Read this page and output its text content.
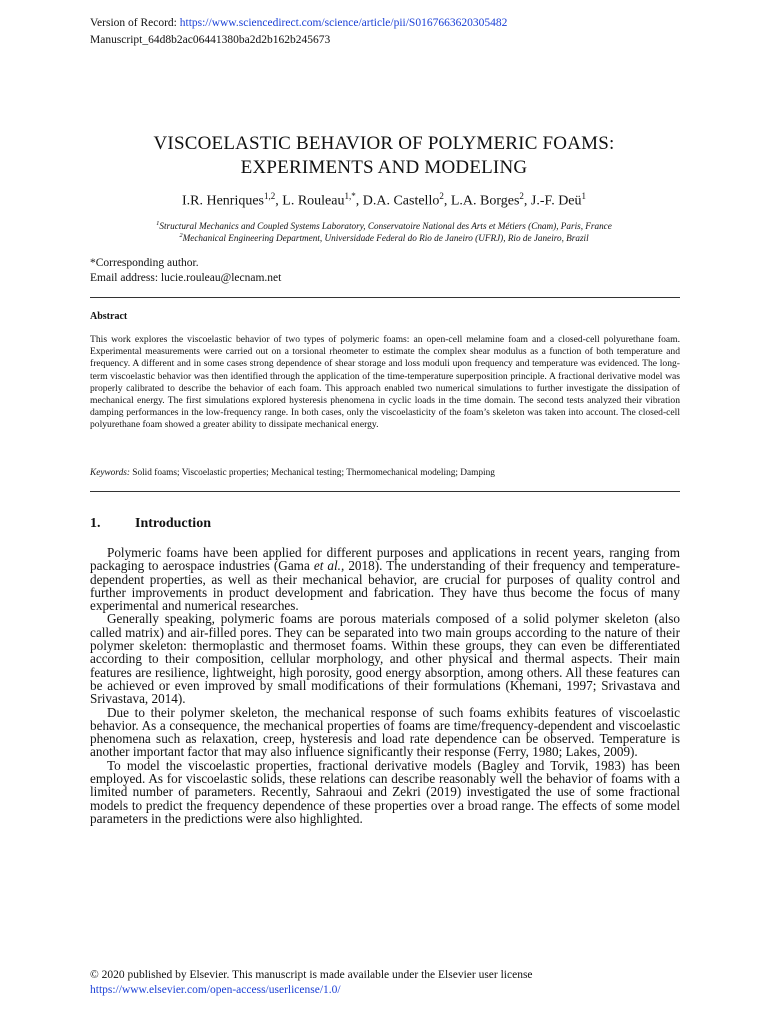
Version of Record: https://www.sciencedirect.com/science/article/pii/S0167663620305482
Manuscript_64d8b2ac06441380ba2d2b162b245673
VISCOELASTIC BEHAVIOR OF POLYMERIC FOAMS:
EXPERIMENTS AND MODELING
I.R. Henriques$^{1,2}$, L. Rouleau$^{1,*}$, D.A. Castello$^2$, L.A. Borges$^2$, J.-F. Deü$^1$
$^1$Structural Mechanics and Coupled Systems Laboratory, Conservatoire National des Arts et Métiers (Cnam), Paris, France
$^2$Mechanical Engineering Department, Universidade Federal do Rio de Janeiro (UFRJ), Rio de Janeiro, Brazil
*Corresponding author.
Email address: lucie.rouleau@lecnam.net
Abstract
This work explores the viscoelastic behavior of two types of polymeric foams: an open-cell melamine foam and a closed-cell polyurethane foam. Experimental measurements were carried out on a torsional rheometer to estimate the complex shear modulus as a function of both temperature and frequency. A different and in some cases strong dependence of shear storage and loss moduli upon frequency and temperature was evidenced. The long-term viscoelastic behavior was then identified through the application of the time-temperature superposition principle. A fractional derivative model was properly calibrated to describe the behavior of each foam. This approach enabled two numerical simulations to further investigate the dissipation of mechanical energy. The first simulations explored hysteresis phenomena in cyclic loads in the time domain. The second tests analyzed their vibration damping performances in the low-frequency range. In both cases, only the viscoelasticity of the foam’s skeleton was taken into account. The closed-cell polyurethane foam showed a greater ability to dissipate mechanical energy.
Keywords: Solid foams; Viscoelastic properties; Mechanical testing; Thermomechanical modeling; Damping
1. Introduction

Polymeric foams have been applied for different purposes and applications in recent years, ranging from packaging to aerospace industries (Gama et al., 2018). The understanding of their frequency and temperature-dependent properties, as well as their mechanical behavior, are crucial for purposes of quality control and further improvements in product development and fabrication. They have thus become the focus of many experimental and numerical researches.

Generally speaking, polymeric foams are porous materials composed of a solid polymer skeleton (also called matrix) and air-filled pores. They can be separated into two main groups according to the nature of their polymer skeleton: thermoplastic and thermoset foams. Within these groups, they can even be differentiated according to their composition, cellular morphology, and other physical and thermal aspects. Their main features are resilience, lightweight, high porosity, good energy absorption, among others. All these features can be achieved or even improved by small modifications of their formulations (Khemani, 1997; Srivastava and Srivastava, 2014).

Due to their polymer skeleton, the mechanical response of such foams exhibits features of viscoelastic behavior. As a consequence, the mechanical properties of foams are time/frequency-dependent and viscoelastic phenomena such as relaxation, creep, hysteresis and load rate dependence can be observed. Temperature is another important factor that may also influence significantly their response (Ferry, 1980; Lakes, 2009).

To model the viscoelastic properties, fractional derivative models (Bagley and Torvik, 1983) has been employed. As for viscoelastic solids, these relations can describe reasonably well the behavior of foams with a limited number of parameters. Recently, Sahraoui and Zekri (2019) investigated the use of some fractional models to predict the frequency dependence of these properties over a broad range. The effects of some model parameters in the predictions were also highlighted.

© 2020 published by Elsevier. This manuscript is made available under the Elsevier user license
https://www.elsevier.com/open-access/userlicense/1.0/
